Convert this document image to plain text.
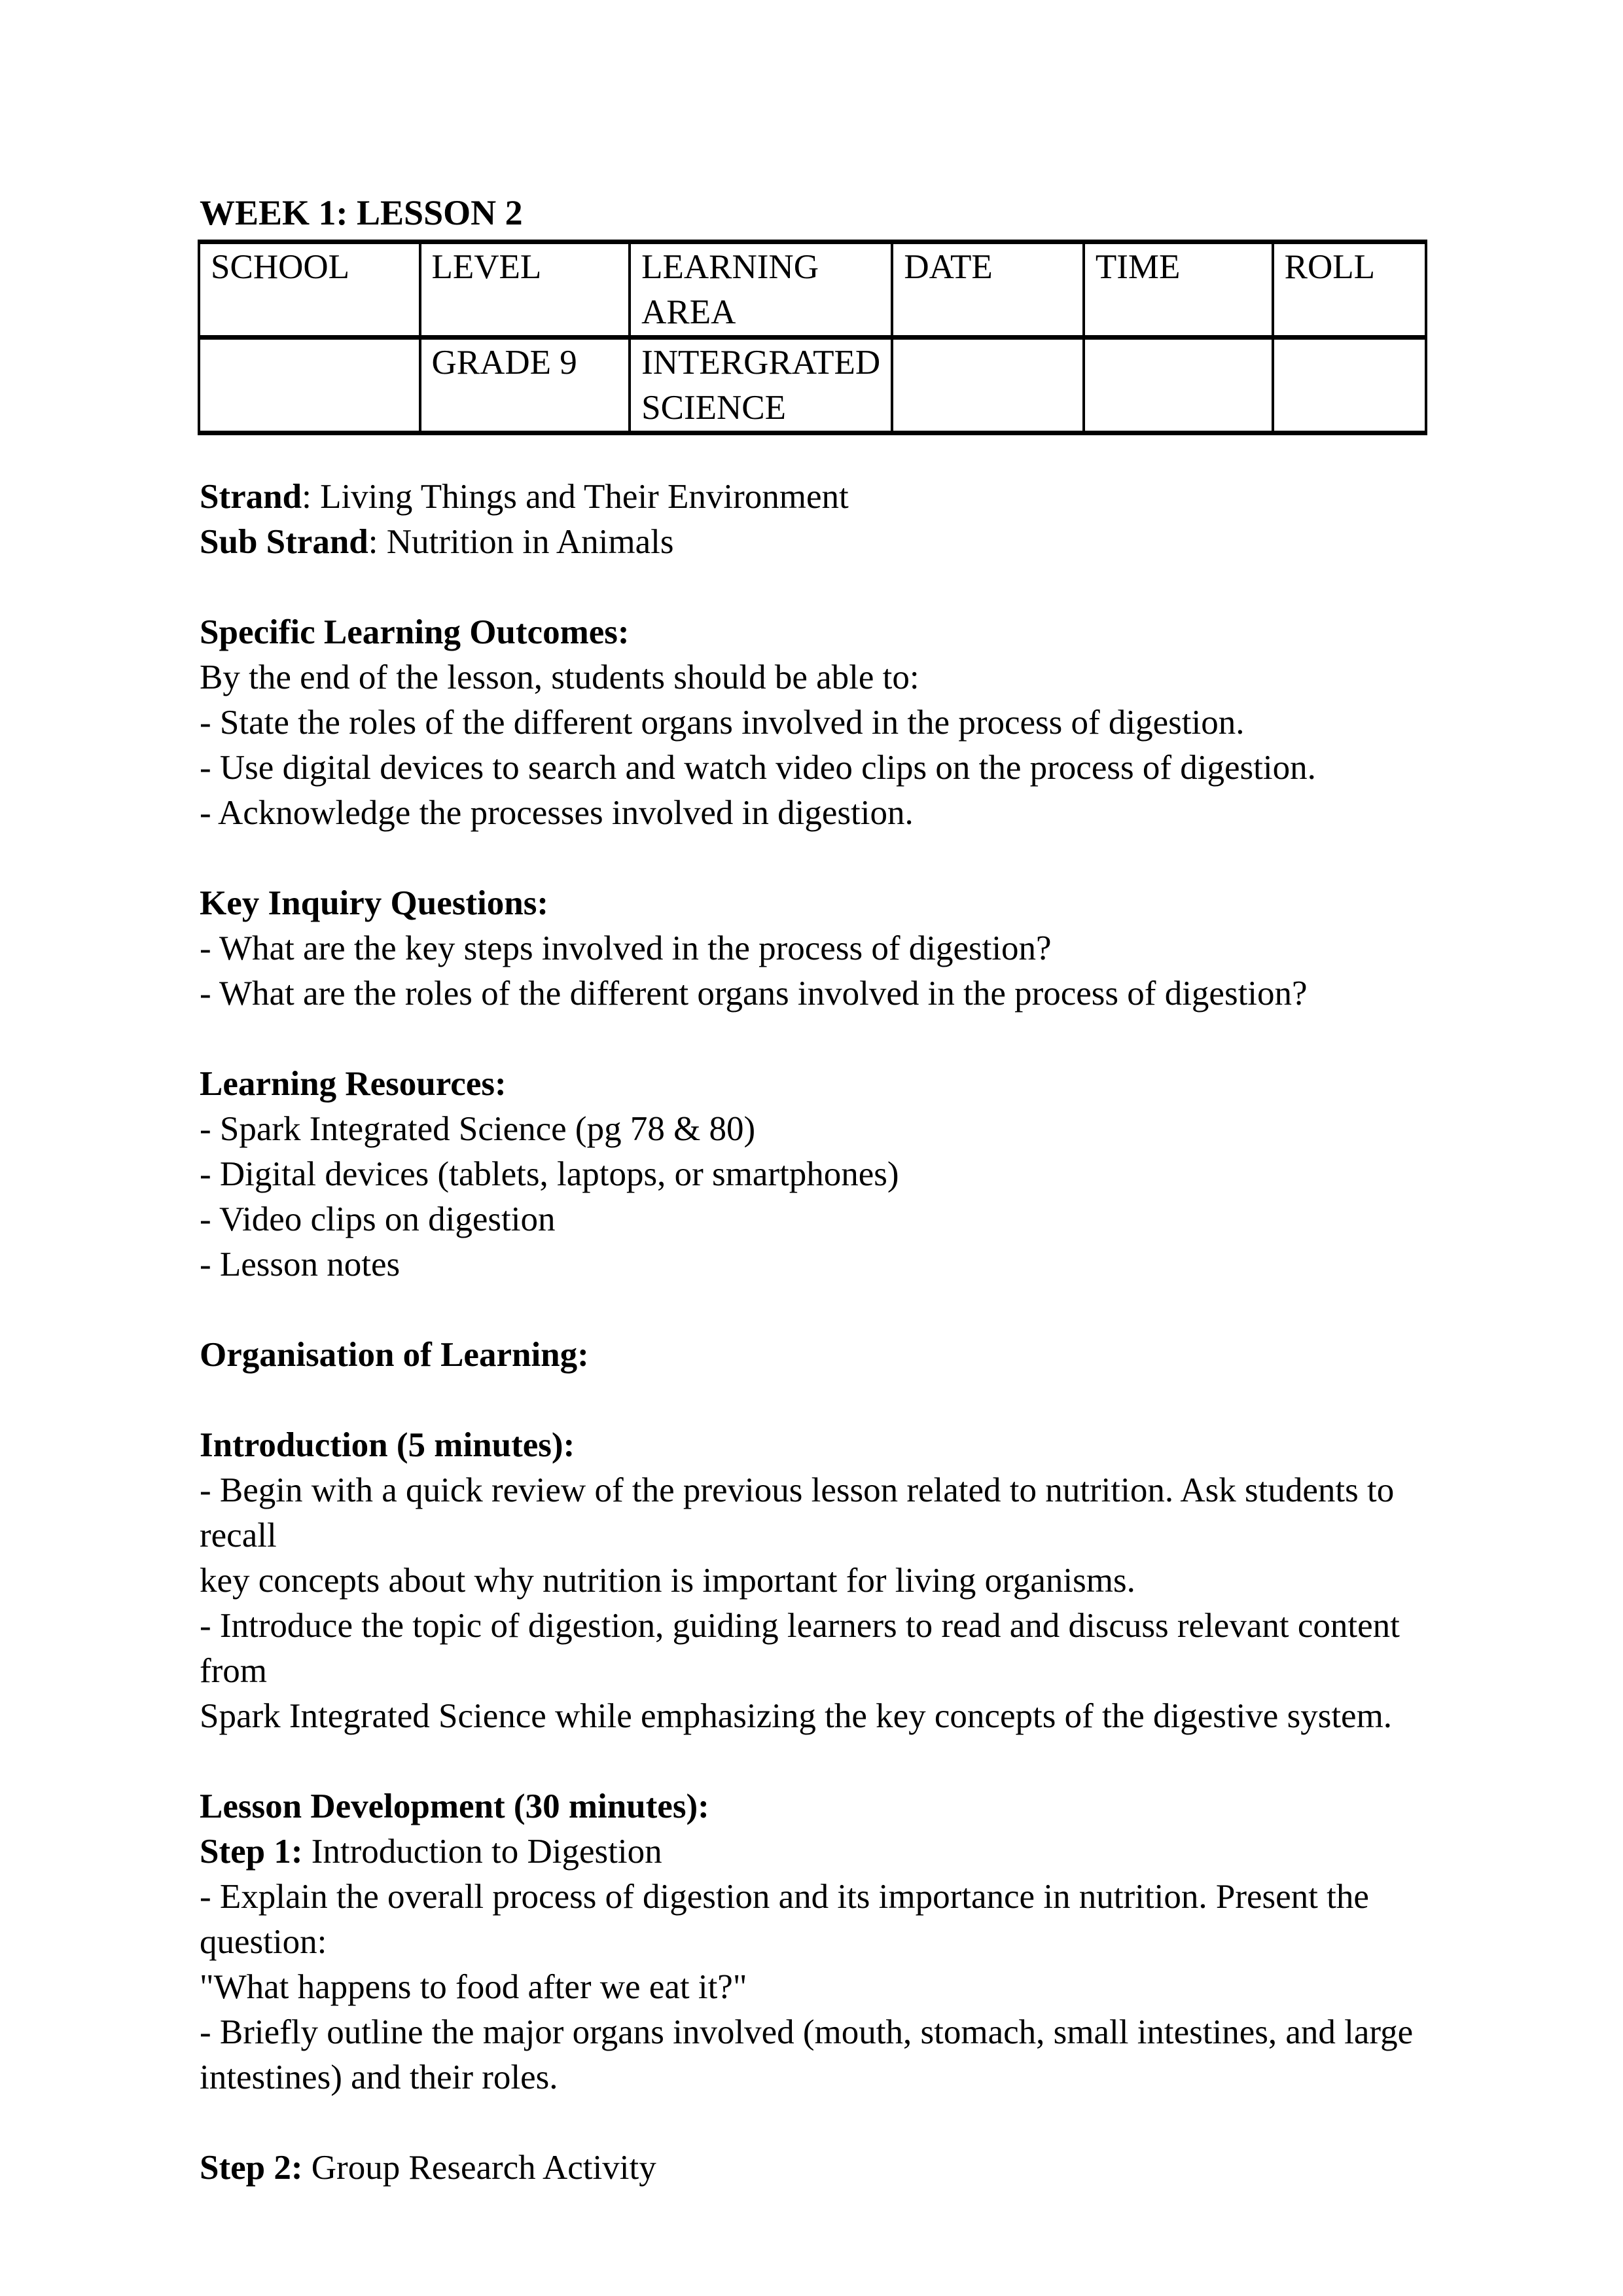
WEEK 1: LESSON 2
SCHOOL	LEVEL	LEARNING AREA	DATE	TIME	ROLL
	GRADE 9	INTERGRATED SCIENCE			
Strand: Living Things and Their Environment
Sub Strand: Nutrition in Animals
Specific Learning Outcomes:
By the end of the lesson, students should be able to:
- State the roles of the different organs involved in the process of digestion.
- Use digital devices to search and watch video clips on the process of digestion.
- Acknowledge the processes involved in digestion.
Key Inquiry Questions:
- What are the key steps involved in the process of digestion?
- What are the roles of the different organs involved in the process of digestion?
Learning Resources:
- Spark Integrated Science (pg 78 & 80)
- Digital devices (tablets, laptops, or smartphones)
- Video clips on digestion
- Lesson notes
Organisation of Learning:
Introduction (5 minutes):
- Begin with a quick review of the previous lesson related to nutrition. Ask students to recall
key concepts about why nutrition is important for living organisms.
- Introduce the topic of digestion, guiding learners to read and discuss relevant content from
Spark Integrated Science while emphasizing the key concepts of the digestive system.
Lesson Development (30 minutes):
Step 1: Introduction to Digestion
- Explain the overall process of digestion and its importance in nutrition. Present the question:
"What happens to food after we eat it?"
- Briefly outline the major organs involved (mouth, stomach, small intestines, and large
intestines) and their roles.
Step 2: Group Research Activity
